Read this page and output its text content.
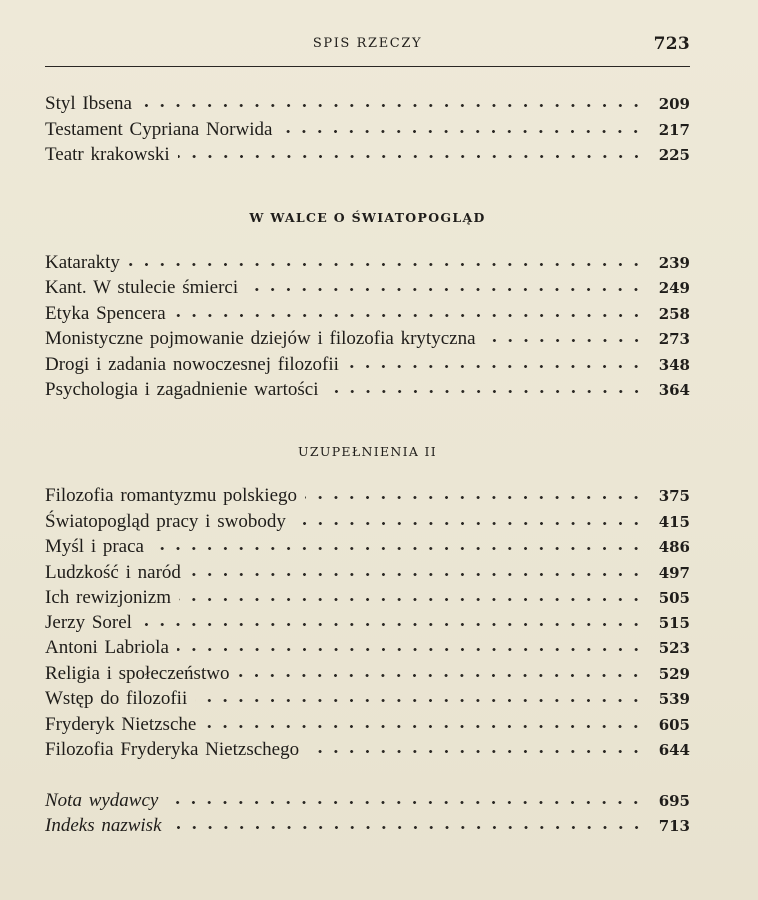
SPIS RZECZY	723
Styl Ibsena	209
Testament Cypriana Norwida	217
Teatr krakowski	225
W WALCE O ŚWIATOPOGLĄD
Katarakty	239
Kant. W stulecie śmierci	249
Etyka Spencera	258
Monistyczne pojmowanie dziejów i filozofia krytyczna	273
Drogi i zadania nowoczesnej filozofii	348
Psychologia i zagadnienie wartości	364
UZUPEŁNIENIA II
Filozofia romantyzmu polskiego	375
Światopogląd pracy i swobody	415
Myśl i praca	486
Ludzkość i naród	497
Ich rewizjonizm	505
Jerzy Sorel	515
Antoni Labriola	523
Religia i społeczeństwo	529
Wstęp do filozofii	539
Fryderyk Nietzsche	605
Filozofia Fryderyka Nietzschego	644
Nota wydawcy	695
Indeks nazwisk	713
